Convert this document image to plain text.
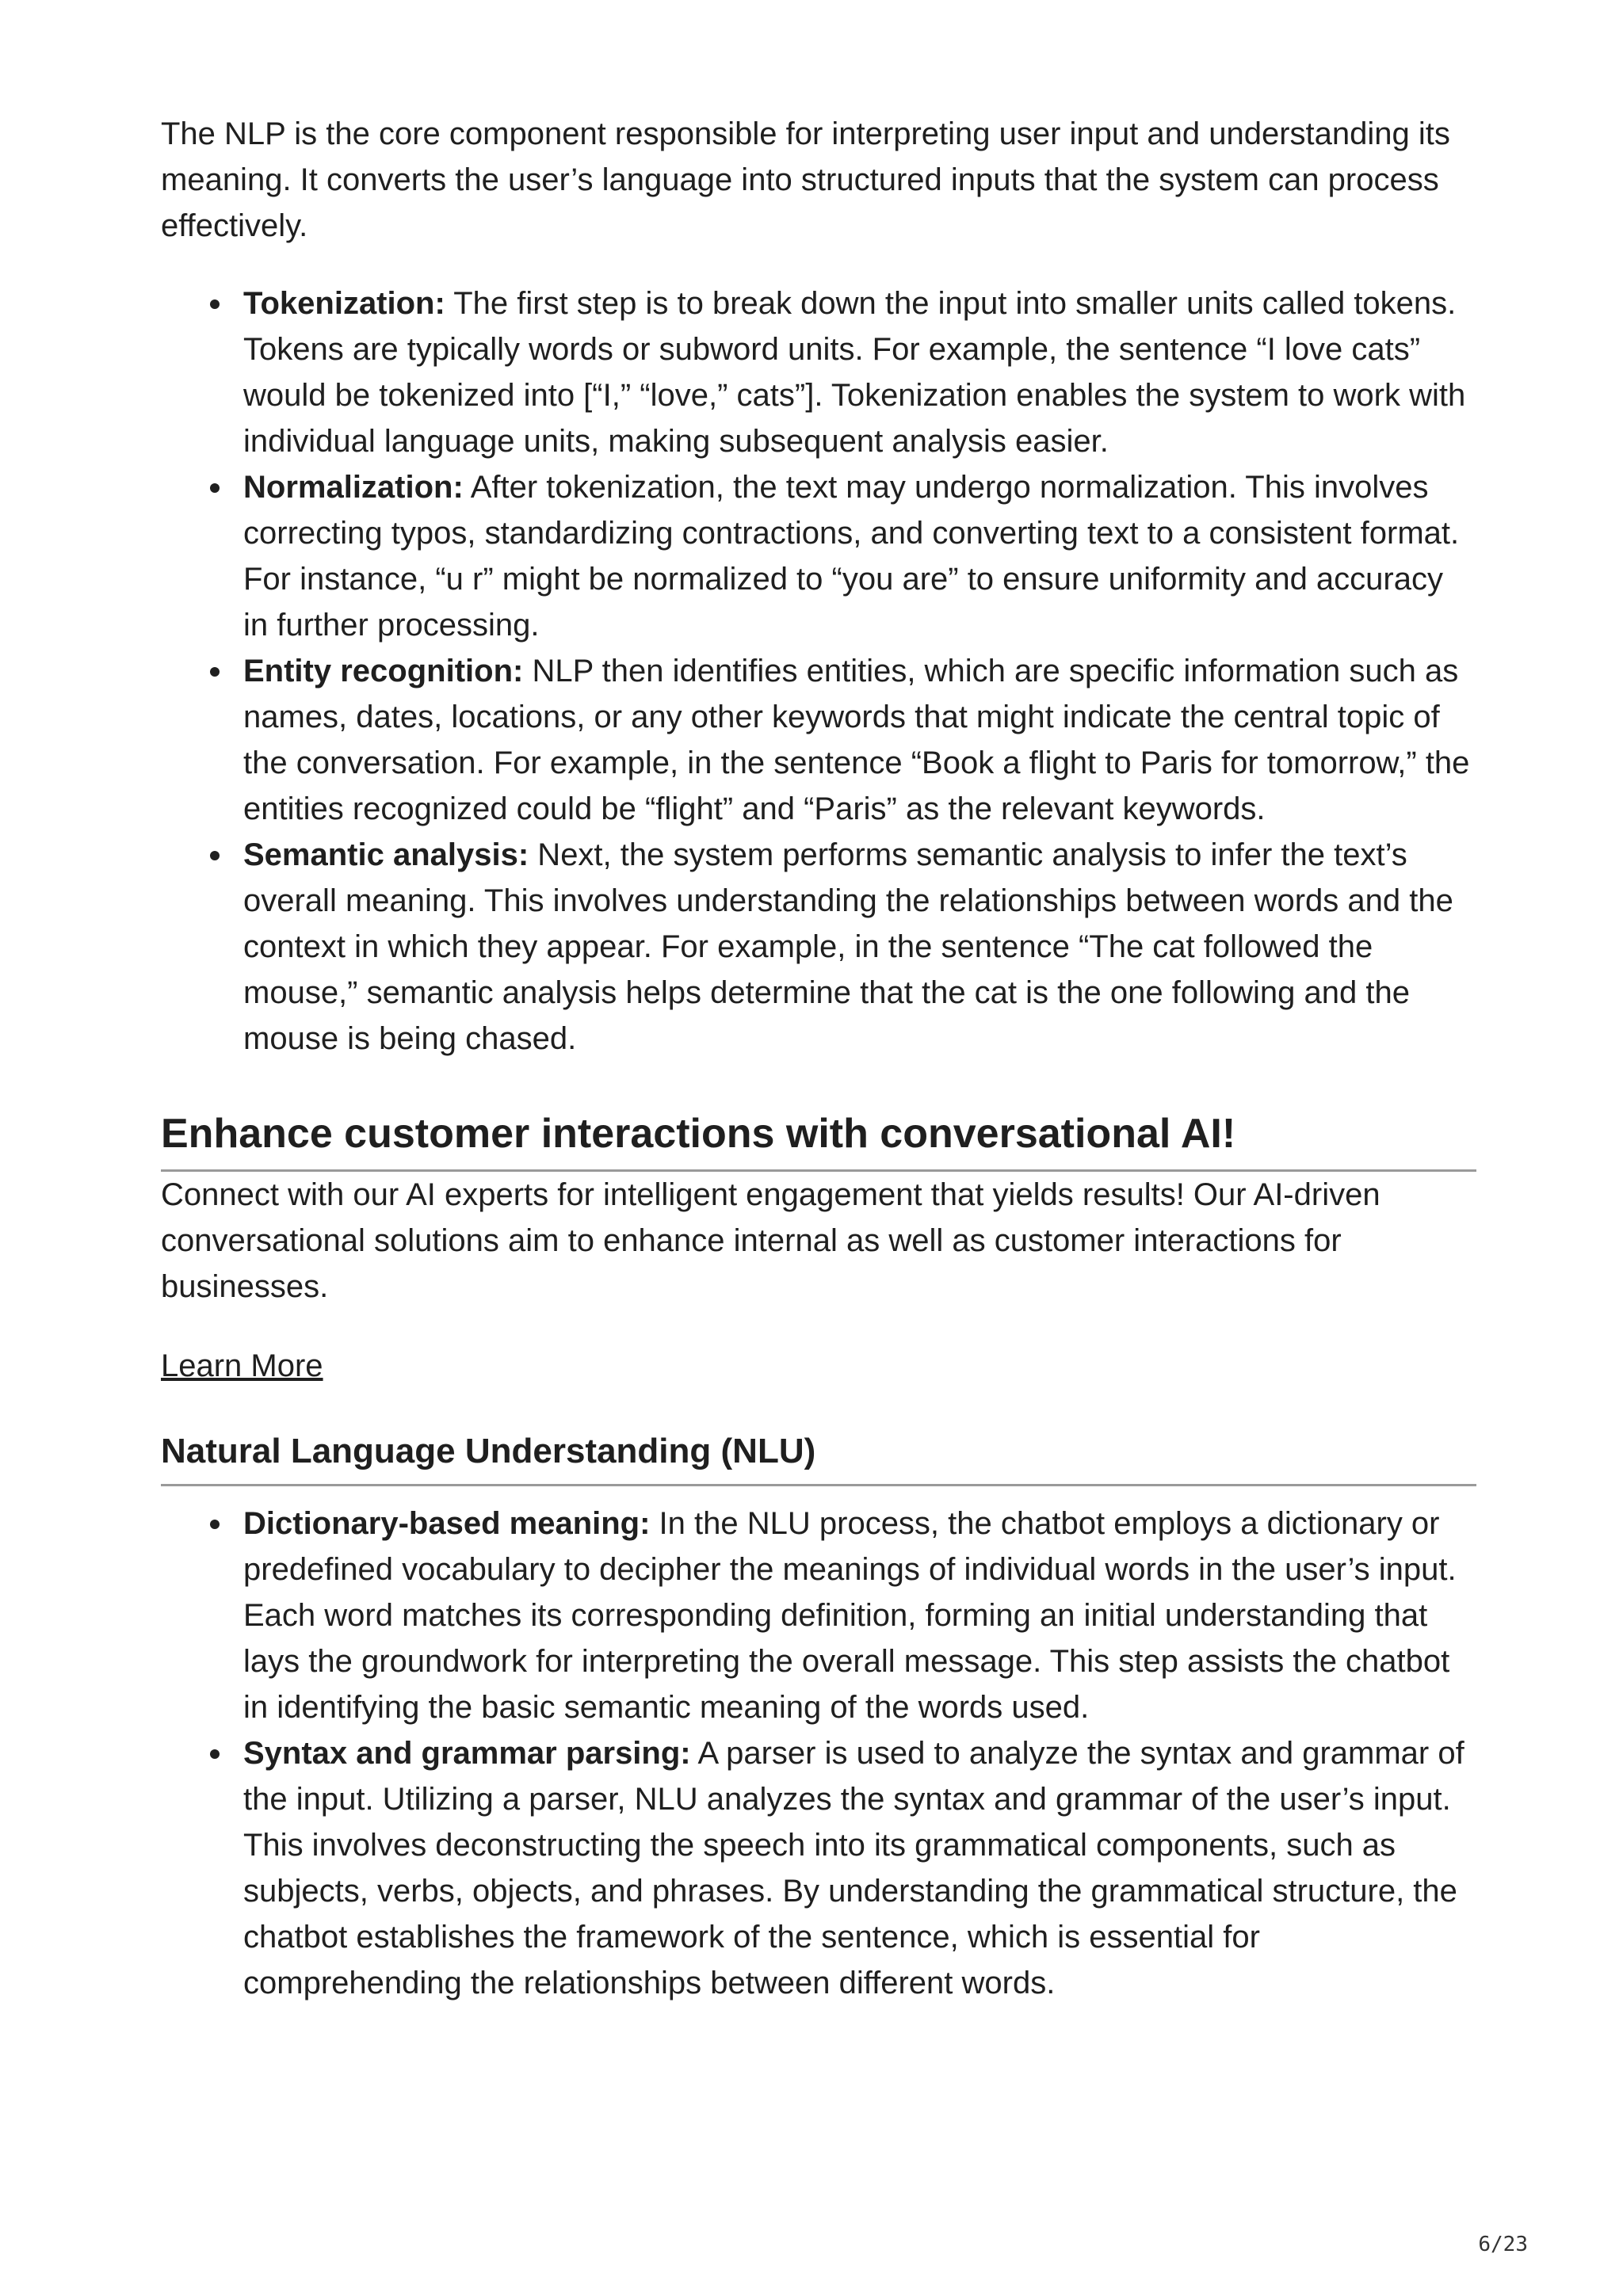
The NLP is the core component responsible for interpreting user input and understanding its meaning. It converts the user’s language into structured inputs that the system can process effectively.

Tokenization: The first step is to break down the input into smaller units called tokens. Tokens are typically words or subword units. For example, the sentence “I love cats” would be tokenized into [“I,” “love,” cats”]. Tokenization enables the system to work with individual language units, making subsequent analysis easier.
Normalization: After tokenization, the text may undergo normalization. This involves correcting typos, standardizing contractions, and converting text to a consistent format. For instance, “u r” might be normalized to “you are” to ensure uniformity and accuracy in further processing.
Entity recognition: NLP then identifies entities, which are specific information such as names, dates, locations, or any other keywords that might indicate the central topic of the conversation. For example, in the sentence “Book a flight to Paris for tomorrow,” the entities recognized could be “flight” and “Paris” as the relevant keywords.
Semantic analysis: Next, the system performs semantic analysis to infer the text’s overall meaning. This involves understanding the relationships between words and the context in which they appear. For example, in the sentence “The cat followed the mouse,” semantic analysis helps determine that the cat is the one following and the mouse is being chased.
Enhance customer interactions with conversational AI!

Connect with our AI experts for intelligent engagement that yields results! Our AI-driven conversational solutions aim to enhance internal as well as customer interactions for businesses.

Learn More
Natural Language Understanding (NLU)
Dictionary-based meaning: In the NLU process, the chatbot employs a dictionary or predefined vocabulary to decipher the meanings of individual words in the user’s input. Each word matches its corresponding definition, forming an initial understanding that lays the groundwork for interpreting the overall message. This step assists the chatbot in identifying the basic semantic meaning of the words used.
Syntax and grammar parsing: A parser is used to analyze the syntax and grammar of the input. Utilizing a parser, NLU analyzes the syntax and grammar of the user’s input. This involves deconstructing the speech into its grammatical components, such as subjects, verbs, objects, and phrases. By understanding the grammatical structure, the chatbot establishes the framework of the sentence, which is essential for comprehending the relationships between different words.
6/23
